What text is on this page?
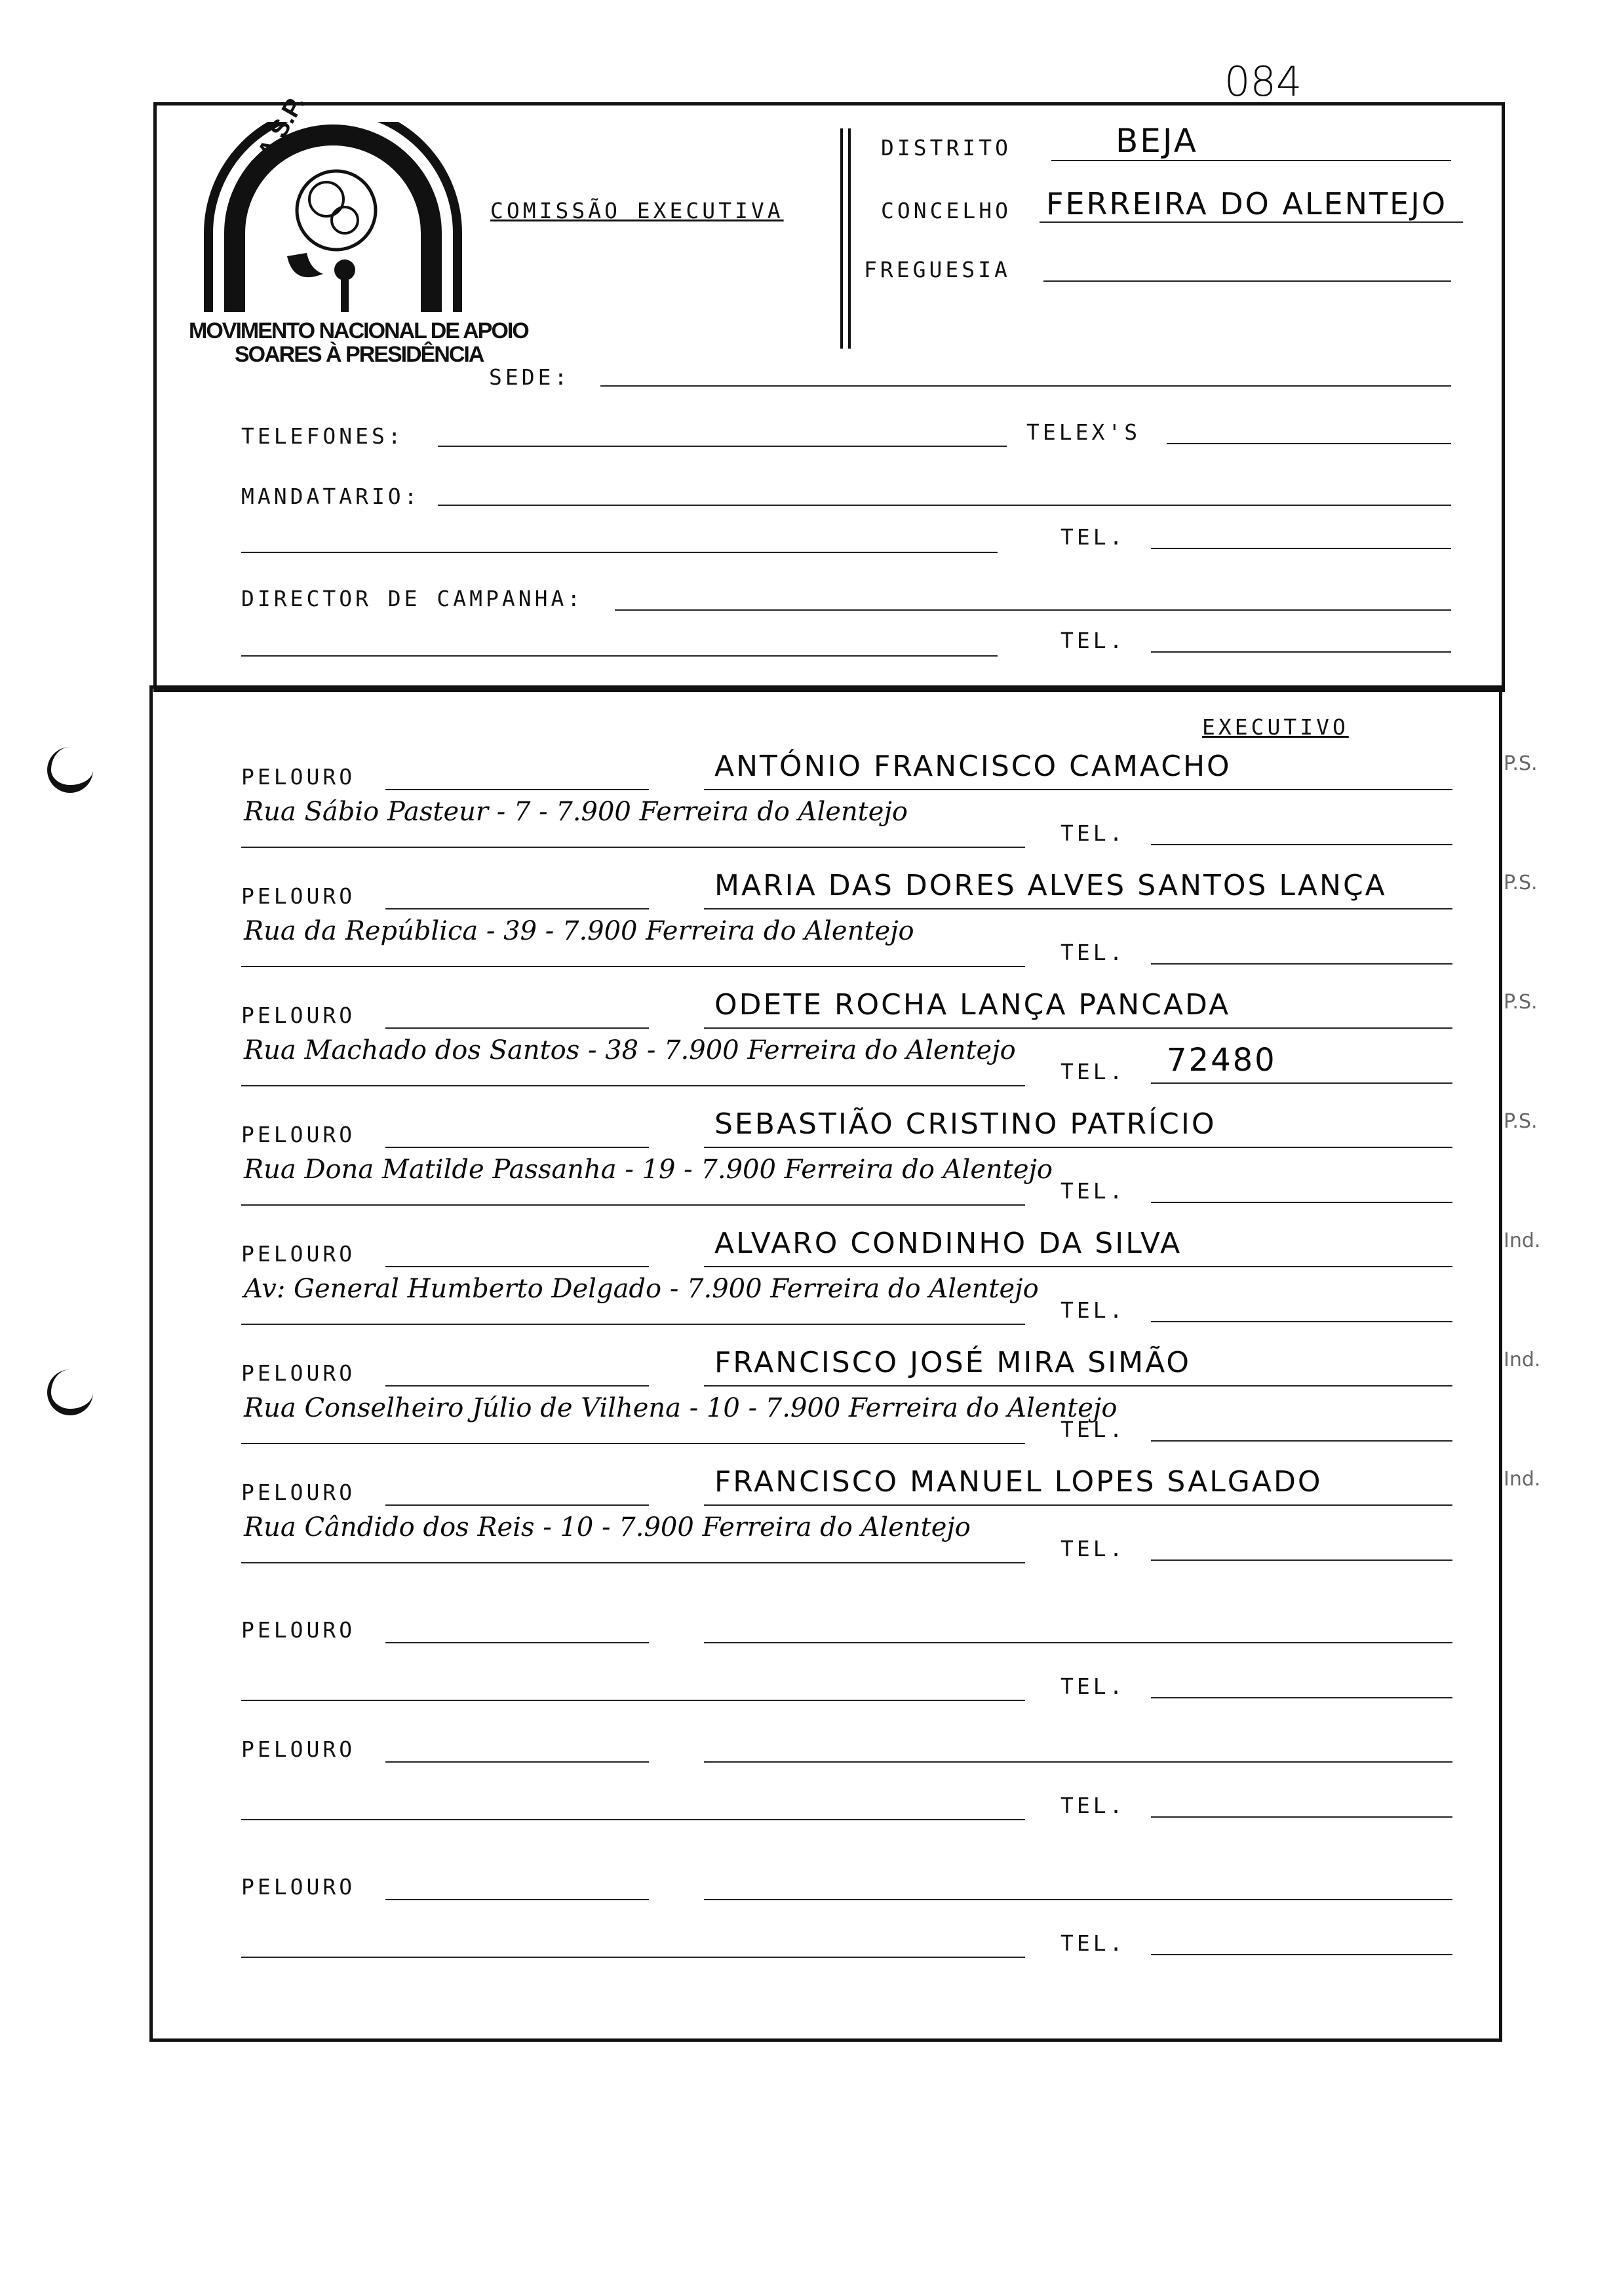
084
M.A.S.P.
MOVIMENTO NACIONAL DE APOIO
SOARES À PRESIDÊNCIA
COMISSÃO EXECUTIVA
DISTRITO	BEJA
CONCELHO FERREIRA DO ALENTEJO
FREGUESIA
SEDE:
TELEFONES:	TELEX'S
MANDATARIO:
TEL.
DIRECTOR DE CAMPANHA:
TEL.
EXECUTIVO
PELOURO	ANTÓNIO FRANCISCO CAMACHO	P.S.
Rua Sábio Pasteur - 7 - 7.900 Ferreira do Alentejo
TEL.
PELOURO	MARIA DAS DORES ALVES SANTOS LANÇA	P.S.
Rua da República - 39 - 7.900 Ferreira do Alentejo
TEL.
PELOURO	ODETE ROCHA LANÇA PANCADA	P.S.
Rua Machado dos Santos - 38 - 7.900 Ferreira do Alentejo
TEL. 72480
PELOURO	SEBASTIÃO CRISTINO PATRÍCIO	P.S.
Rua Dona Matilde Passanha - 19 - 7.900 Ferreira do Alentejo
TEL.
PELOURO	ALVARO CONDINHO DA SILVA	Ind.
Av: General Humberto Delgado - 7.900 Ferreira do Alentejo
TEL.
PELOURO	FRANCISCO JOSÉ MIRA SIMÃO	Ind.
Rua Conselheiro Júlio de Vilhena - 10 - 7.900 Ferreira do Alentejo
TEL.
PELOURO	FRANCISCO MANUEL LOPES SALGADO	Ind.
Rua Cândido dos Reis - 10 - 7.900 Ferreira do Alentejo
TEL.
PELOURO
TEL.
PELOURO
TEL.
PELOURO
TEL.
